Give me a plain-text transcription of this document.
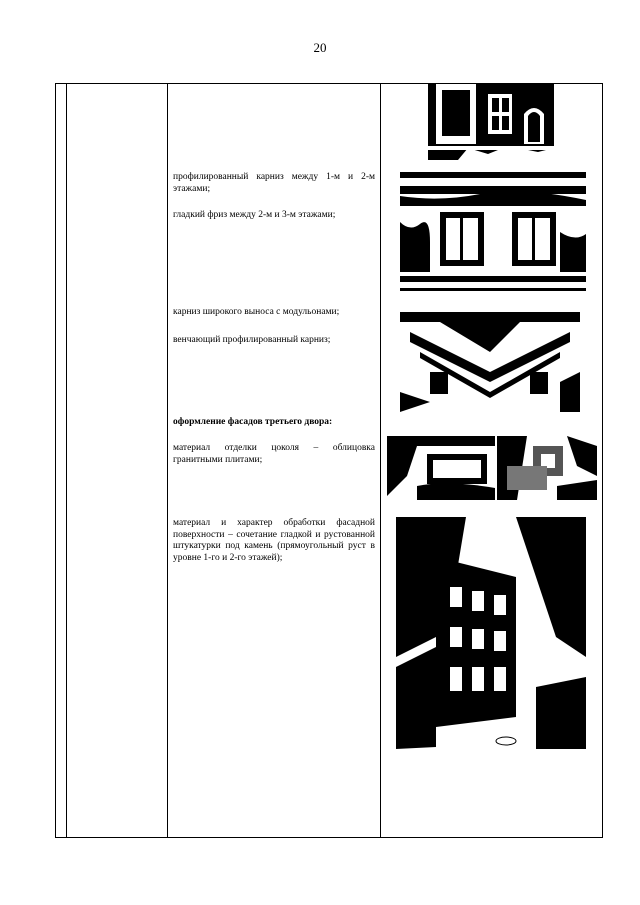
20
профилированный карниз между 1-м и 2-м этажами;
гладкий фриз между 2-м и 3-м этажами;
карниз широкого выноса с модульонами;
венчающий профилированный карниз;
оформление фасадов третьего двора:
материал отделки цоколя – облицовка гранитными плитами;
материал и характер обработки фасадной поверхности – сочетание гладкой и рустованной штукатурки под камень (прямоугольный руст в уровне 1-го и 2-го этажей);
